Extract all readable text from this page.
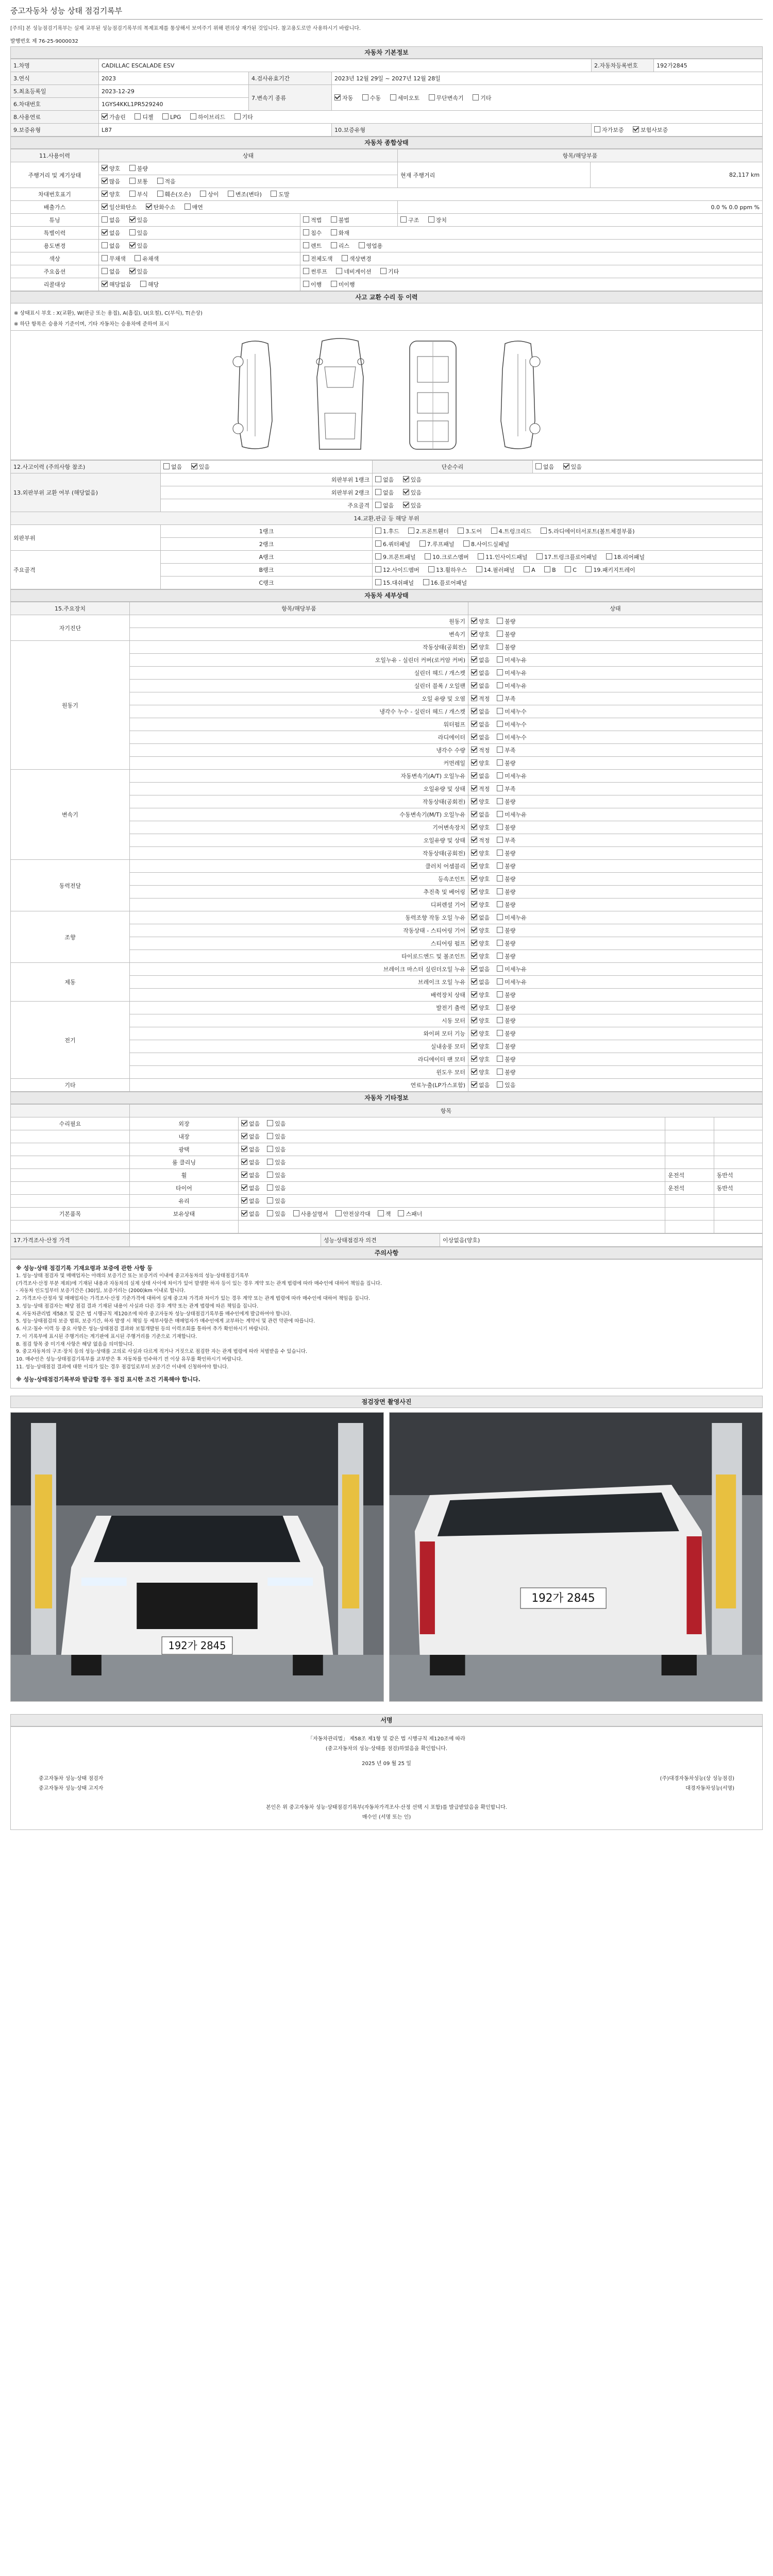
중고자동차 성능 상태 점검기록부
[주의] 본 성능점검기록부는 실제 교부된 성능점검기록부의 복제표제를 통상해서 보여주기 위해 편의상 재가된 것입니다. 참고용도로만 사용하시기 바랍니다.
발행번호 제 76-25-9000032
자동차 기본정보
1.차명	CADILLAC ESCALADE ESV			2.자동차등록번호	192가2845
3.연식	2023	4.검사유효기간	2023년 12월 29일 ~ 2027년 12월 28일		
5.최초등록일	2023-12-29	7.변속기 종류	자동 수동 세미오토 무단변속기 기타		
6.차대번호	1GYS4KKL1PR529240				
8.사용연료	가솔린 디젤 LPG 하이브리드 기타				
9.보증유형	L87		10.보증유형	자가보증 보험사보증	
자동차 종합상태
11.사용이력	상태		항목/해당부품	
주행거리 및 계기상태	양호 불량		현재 주행거리	82,117 km
	많음 보통 적음			
차대번호표기	양호 부식 훼손(오손) 상이 변조(변타) 도말			
배출가스	일산화탄소 탄화수소 매연		0.0 % 0.0 ppm %	
튜닝	없음 있음	적법 불법	구조 장치	
특별이력	없음 있음	침수 화재		
용도변경	없음 있음	렌트 리스 영업용		
색상	무채색 유채색	전체도색 색상변경		
주요옵션	없음 있음	썬루프 네비게이션 기타		
리콜대상	해당없음 해당	이행 미이행		
사고 교환 수리 등 이력
※ 상태표시 부호 : X(교환), W(판금 또는 용접), A(흠집), U(요철), C(부식), T(손상)
※ 하단 항목은 승용차 기준이며, 기타 자동차는 승용차에 준하여 표시
12.사고이력 (주의사항 참조)	없음 있음	단순수리	없음 있음
13.외판부위 교환 여부 (해당없음)	외판부위 1랭크	없음 있음	
	외판부위 2랭크	없음 있음	
	주요골격	없음 있음	
14.교환,판금 등 해당 부위			
외판부위	1랭크	1.후드 2.프론트휀더 3.도어 4.트렁크리드 5.라디에이터서포트(볼트체결부품)	
	2랭크	6.쿼터패널 7.루프패널 8.사이드실패널	
주요골격	A랭크	9.프론트패널 10.크로스멤버 11.인사이드패널 17.트렁크플로어패널 18.리어패널	
	B랭크	12.사이드멤버 13.휠하우스 14.필러패널 A B C 19.패키지트레이	
	C랭크	15.대쉬패널 16.플로어패널	
자동차 세부상태
15.주요장치	항목/해당부품	상태
자기진단	원동기	양호 불량
	변속기	양호 불량
원동기	작동상태(공회전)	양호 불량
	오일누유 - 실린더 커버(로커암 커버)	없음 미세누유
	실린더 헤드 / 개스켓	없음 미세누유
	실린더 블록 / 오일팬	없음 미세누유
	오일 유량 및 오염	적정 부족
	냉각수 누수 - 실린더 헤드 / 개스켓	없음 미세누수
	워터펌프	없음 미세누수
	라디에이터	없음 미세누수
	냉각수 수량	적정 부족
	커먼레일	양호 불량
변속기	자동변속기(A/T) 오일누유	없음 미세누유
	오일유량 및 상태	적정 부족
	작동상태(공회전)	양호 불량
	수동변속기(M/T) 오일누유	없음 미세누유
	기어변속장치	양호 불량
	오일유량 및 상태	적정 부족
	작동상태(공회전)	양호 불량
동력전달	클러치 어셈블리	양호 불량
	등속조인트	양호 불량
	추진축 및 베어링	양호 불량
	디퍼렌셜 기어	양호 불량
조향	동력조향 작동 오일 누유	없음 미세누유
	작동상태 - 스티어링 기어	양호 불량
	스티어링 펌프	양호 불량
	타이로드엔드 및 볼조인트	양호 불량
제동	브레이크 마스터 실린더오일 누유	없음 미세누유
	브레이크 오일 누유	없음 미세누유
	배력장치 상태	양호 불량
전기	발전기 출력	양호 불량
	시동 모터	양호 불량
	와이퍼 모터 기능	양호 불량
	실내송풍 모터	양호 불량
	라디에이터 팬 모터	양호 불량
	윈도우 모터	양호 불량
기타	연료누출(LP가스포함)	없음 있음
자동차 기타정보
	항목			
수리필요	외장	없음 있음		
	내장	없음 있음		
	광택	없음 있음		
	룸 클리닝	없음 있음		
	휠	없음 있음	운전석	동반석
	타이어	없음 있음	운전석	동반석
	유리	없음 있음		
기본품목	보유상태	없음 있음 사용설명서 안전삼각대 잭 스패너		

17.가격조사·산정 가격		성능·상태점검자 의견	이상없음(양호)
주의사항
※ 성능·상태 점검기록 기재요령과 보증에 관한 사항 등
1. 성능·상태 점검자 및 매매업자는 아래의 보증기간 또는 보증거리 이내에 중고자동차의 성능·상태점검기록부
(가격조사·산정 부분 제외)에 기재된 내용과 자동차의 실제 상태 사이에 차이가 있어 발생한 하자 등이 있는 경우 계약 또는 관계 법령에 따라 매수인에 대하여 책임을 집니다.
- 자동차 인도일부터 보증기간은 (30)일, 보증거리는 (2000)km 이내로 합니다.
2. 가격조사·산정자 및 매매업자는 가격조사·산정 기준가격에 대하여 실제 중고차 가격과 차이가 있는 경우 계약 또는 관계 법령에 따라 매수인에 대하여 책임을 집니다.
3. 성능·상태 점검자는 해당 점검 결과 기재된 내용이 사실과 다른 경우 계약 또는 관계 법령에 따른 책임을 집니다.
4. 자동차관리법 제58조 및 같은 법 시행규칙 제120조에 따라 중고자동차 성능·상태점검기록부를 매수인에게 발급하여야 합니다.
5. 성능·상태점검의 보증 범위, 보증기간, 하자 발생 시 책임 등 세부사항은 매매업자가 매수인에게 교부하는 계약서 및 관련 약관에 따릅니다.
6. 사고·침수 이력 등 중요 사항은 성능·상태점검 결과와 보험개발원 등의 이력조회를 통하여 추가 확인하시기 바랍니다.
7. 이 기록부에 표시된 주행거리는 계기판에 표시된 주행거리를 기준으로 기재합니다.
8. 점검 항목 중 미기재 사항은 해당 없음을 의미합니다.
9. 중고자동차의 구조·장치 등의 성능·상태를 고의로 사실과 다르게 적거나 거짓으로 점검한 자는 관계 법령에 따라 처벌받을 수 있습니다.
10. 매수인은 성능·상태점검기록부를 교부받은 후 자동차를 인수하기 전 이상 유무를 확인하시기 바랍니다.
11. 성능·상태점검 결과에 대한 이의가 있는 경우 점검일로부터 보증기간 이내에 신청하여야 합니다.
※ 성능·상태점검기록부와 발급할 경우 점검 표시한 조건 기록해야 합니다.
점검장면 촬영사진
192가 2845
192가 2845
서명
「자동차관리법」 제58조 제1항 및 같은 법 시행규칙 제120조에 따라
(중고자동차의 성능·상태를 점검)하였음을 확인합니다.
2025 년 09 월 25 일
중고자동차 성능·상태 점검자	(주)대경자동차성능(상 성능점검)
중고자동차 성능·상태 고지자	대경자동차성능(서명)
본인은 위 중고자동차 성능·상태점검기록부(자동차가격조사·산정 선택 시 포함)를 발급받았음을 확인합니다.
매수인 (서명 또는 인)
